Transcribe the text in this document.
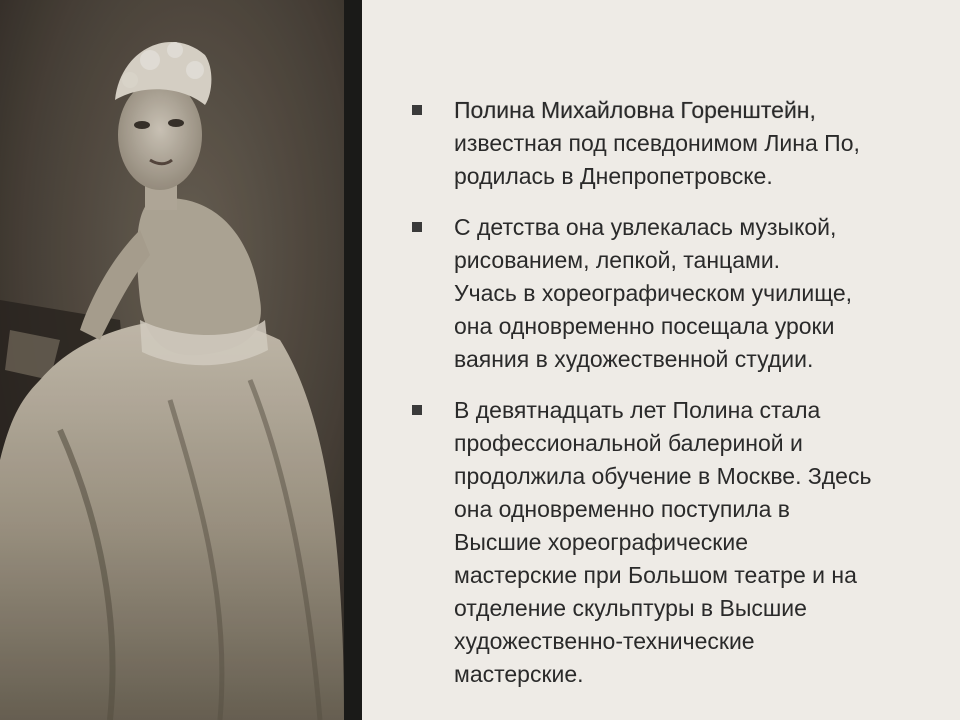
Полина Михайловна Горенштейн,
известная под псевдонимом Лина По,
родилась в Днепропетровске.
С детства она увлекалась музыкой,
рисованием, лепкой, танцами.
Учась в хореографическом училище,
она одновременно посещала уроки
ваяния в художественной студии.
В девятнадцать лет Полина стала
профессиональной балериной и
продолжила обучение в Москве. Здесь
она одновременно поступила в
Высшие хореографические
мастерские при Большом театре и на
отделение скульптуры в Высшие
художественно-технические
мастерские.
